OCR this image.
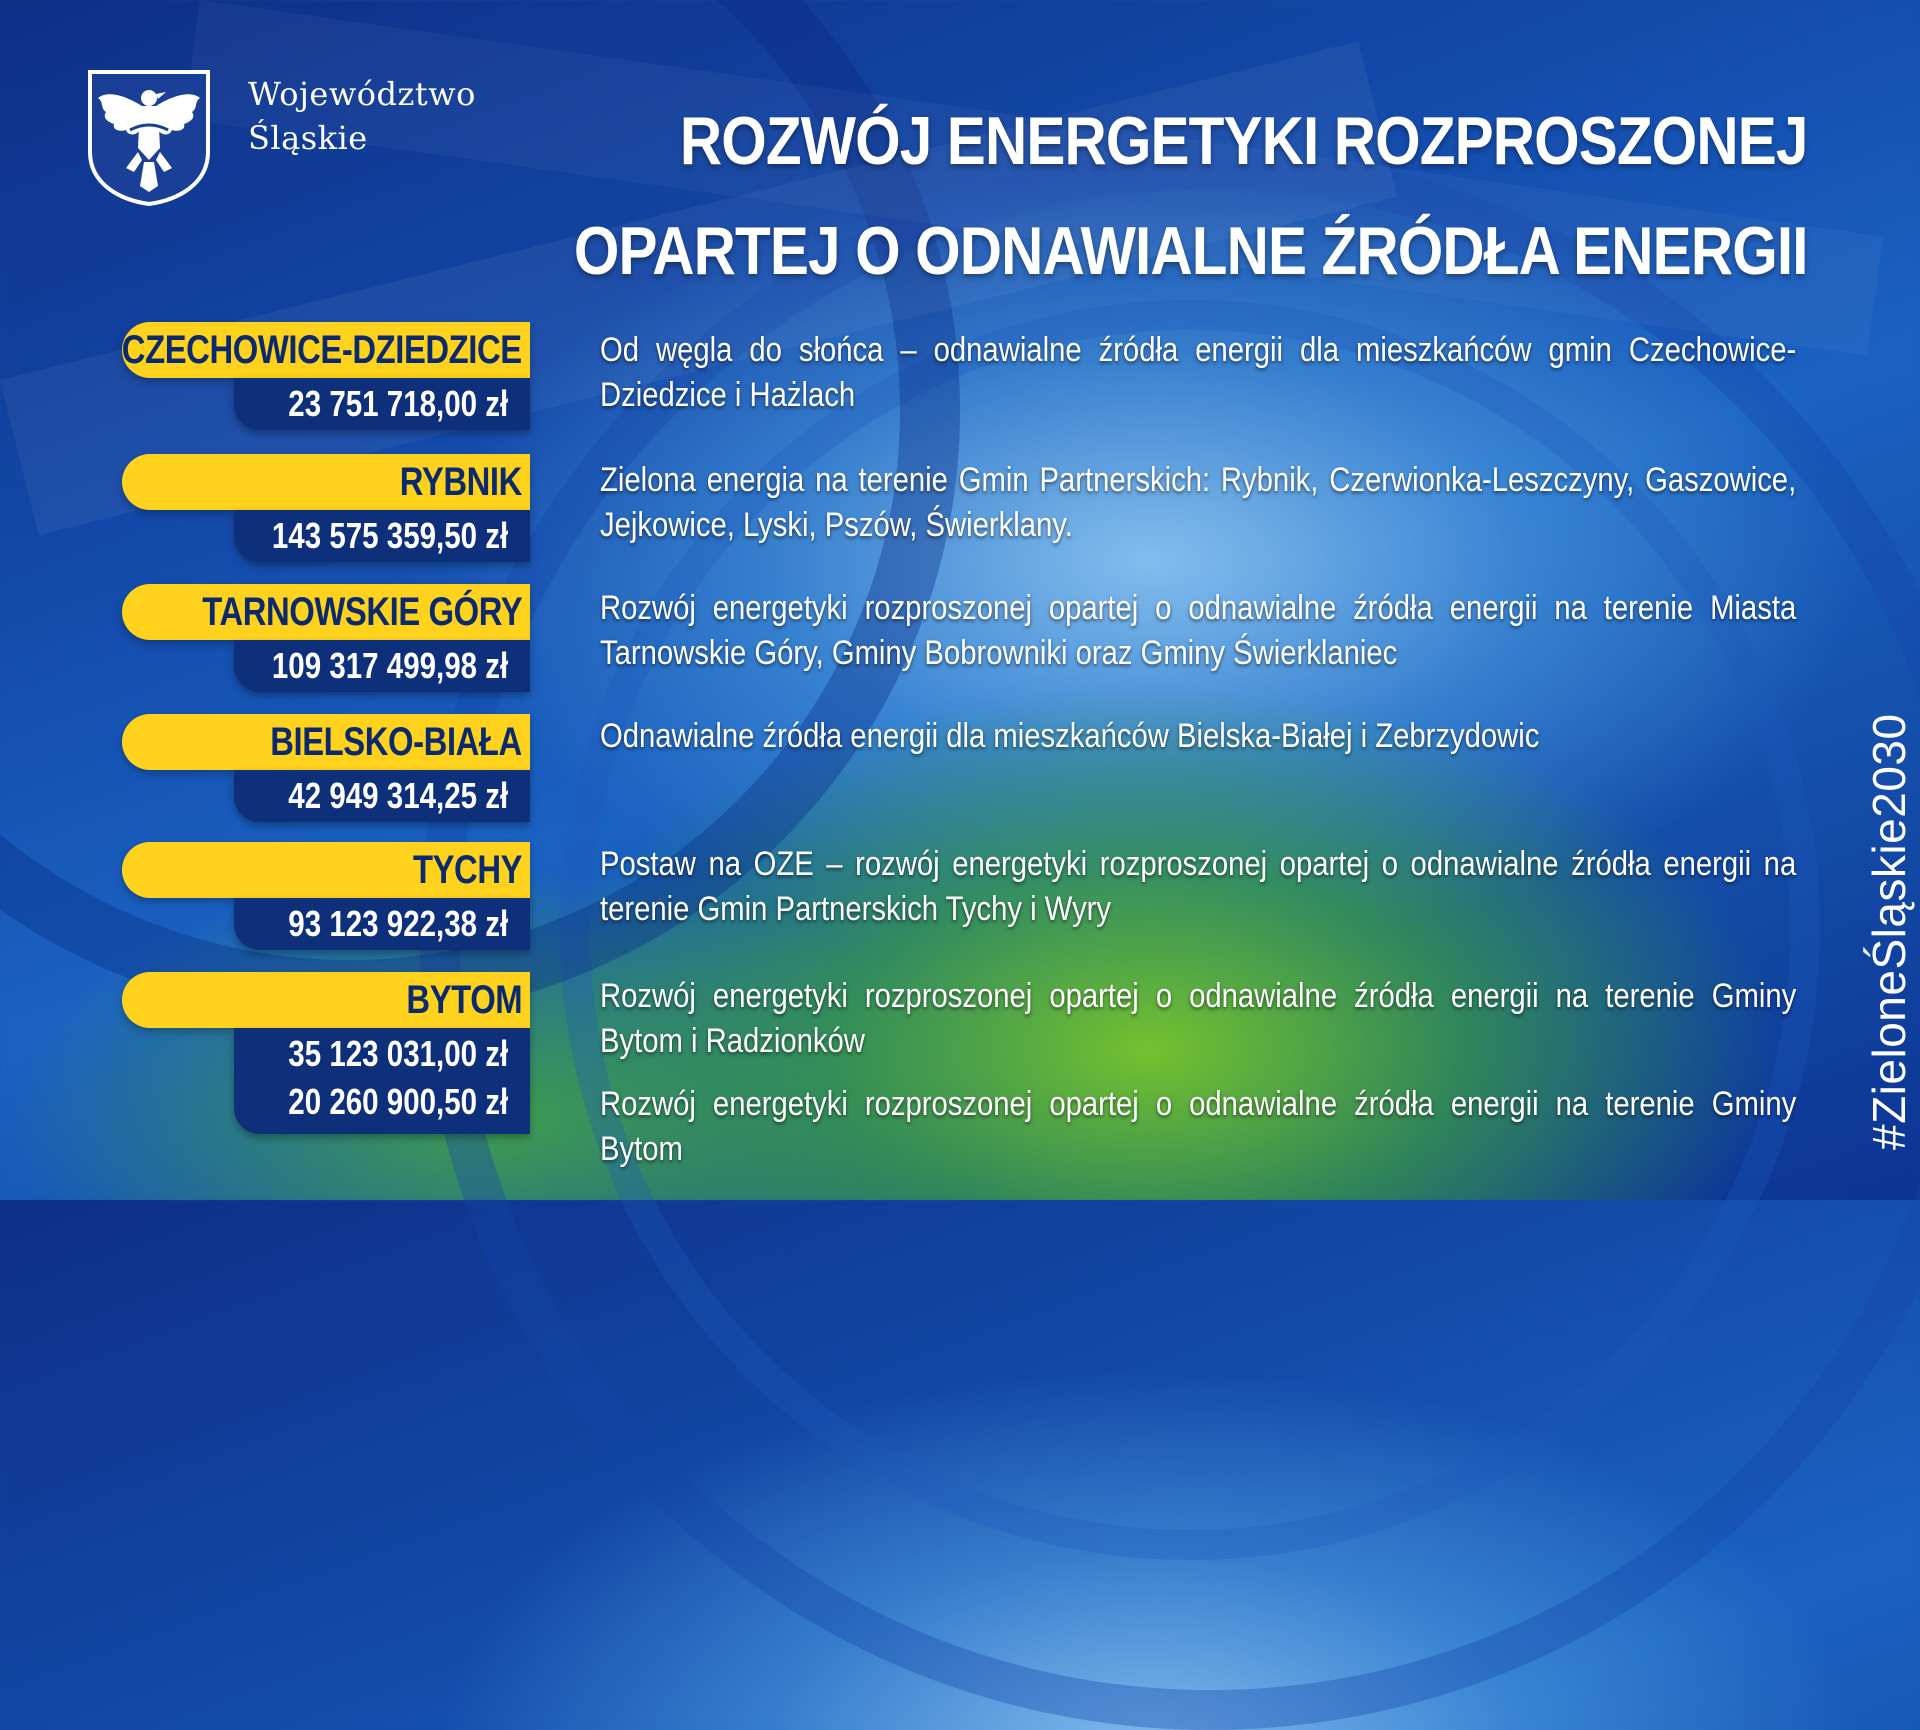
Województwo
Śląskie	ROZWÓJ ENERGETYKI ROZPROSZONEJ
OPARTEJ O ODNAWIALNE ŹRÓDŁA ENERGII
CZECHOWICE-DZIEDZICE
23 751 718,00 zł
Od węgla do słońca – odnawialne źródła energii dla mieszkańców gmin Czechowice-Dziedzice i Hażlach
RYBNIK
143 575 359,50 zł
Zielona energia na terenie Gmin Partnerskich: Rybnik, Czerwionka-Leszczyny, Gaszowice, Jejkowice, Lyski, Pszów, Świerklany.
TARNOWSKIE GÓRY
109 317 499,98 zł
Rozwój energetyki rozproszonej opartej o odnawialne źródła energii na terenie Miasta Tarnowskie Góry, Gminy Bobrowniki oraz Gminy Świerklaniec
BIELSKO-BIAŁA
42 949 314,25 zł
Odnawialne źródła energii dla mieszkańców Bielska-Białej i Zebrzydowic
TYCHY
93 123 922,38 zł
Postaw na OZE – rozwój energetyki rozproszonej opartej o odnawialne źródła energii na terenie Gmin Partnerskich Tychy i Wyry
BYTOM
35 123 031,00 zł
20 260 900,50 zł
Rozwój energetyki rozproszonej opartej o odnawialne źródła energii na terenie Gminy Bytom i Radzionków
Rozwój energetyki rozproszonej opartej o odnawialne źródła energii na terenie Gminy Bytom	#ZieloneŚląskie2030
